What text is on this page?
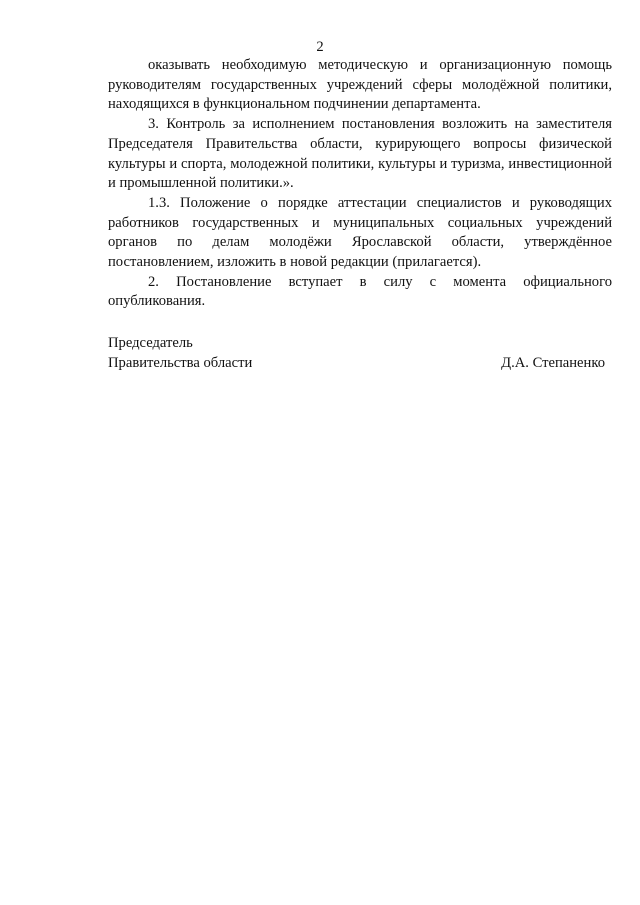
2

оказывать необходимую методическую и организационную помощь руководителям государственных учреждений сферы молодёжной политики, находящихся в функциональном подчинении департамента.

3. Контроль за исполнением постановления возложить на заместителя Председателя Правительства области, курирующего вопросы физической культуры и спорта, молодежной политики, культуры и туризма, инвестиционной и промышленной политики.».

1.3. Положение о порядке аттестации специалистов и руководящих работников государственных и муниципальных социальных учреждений органов по делам молодёжи Ярославской области, утверждённое постановлением, изложить в новой редакции (прилагается).

2. Постановление вступает в силу с момента официального опубликования.

Председатель

Правительства области	Д.А. Степаненко
